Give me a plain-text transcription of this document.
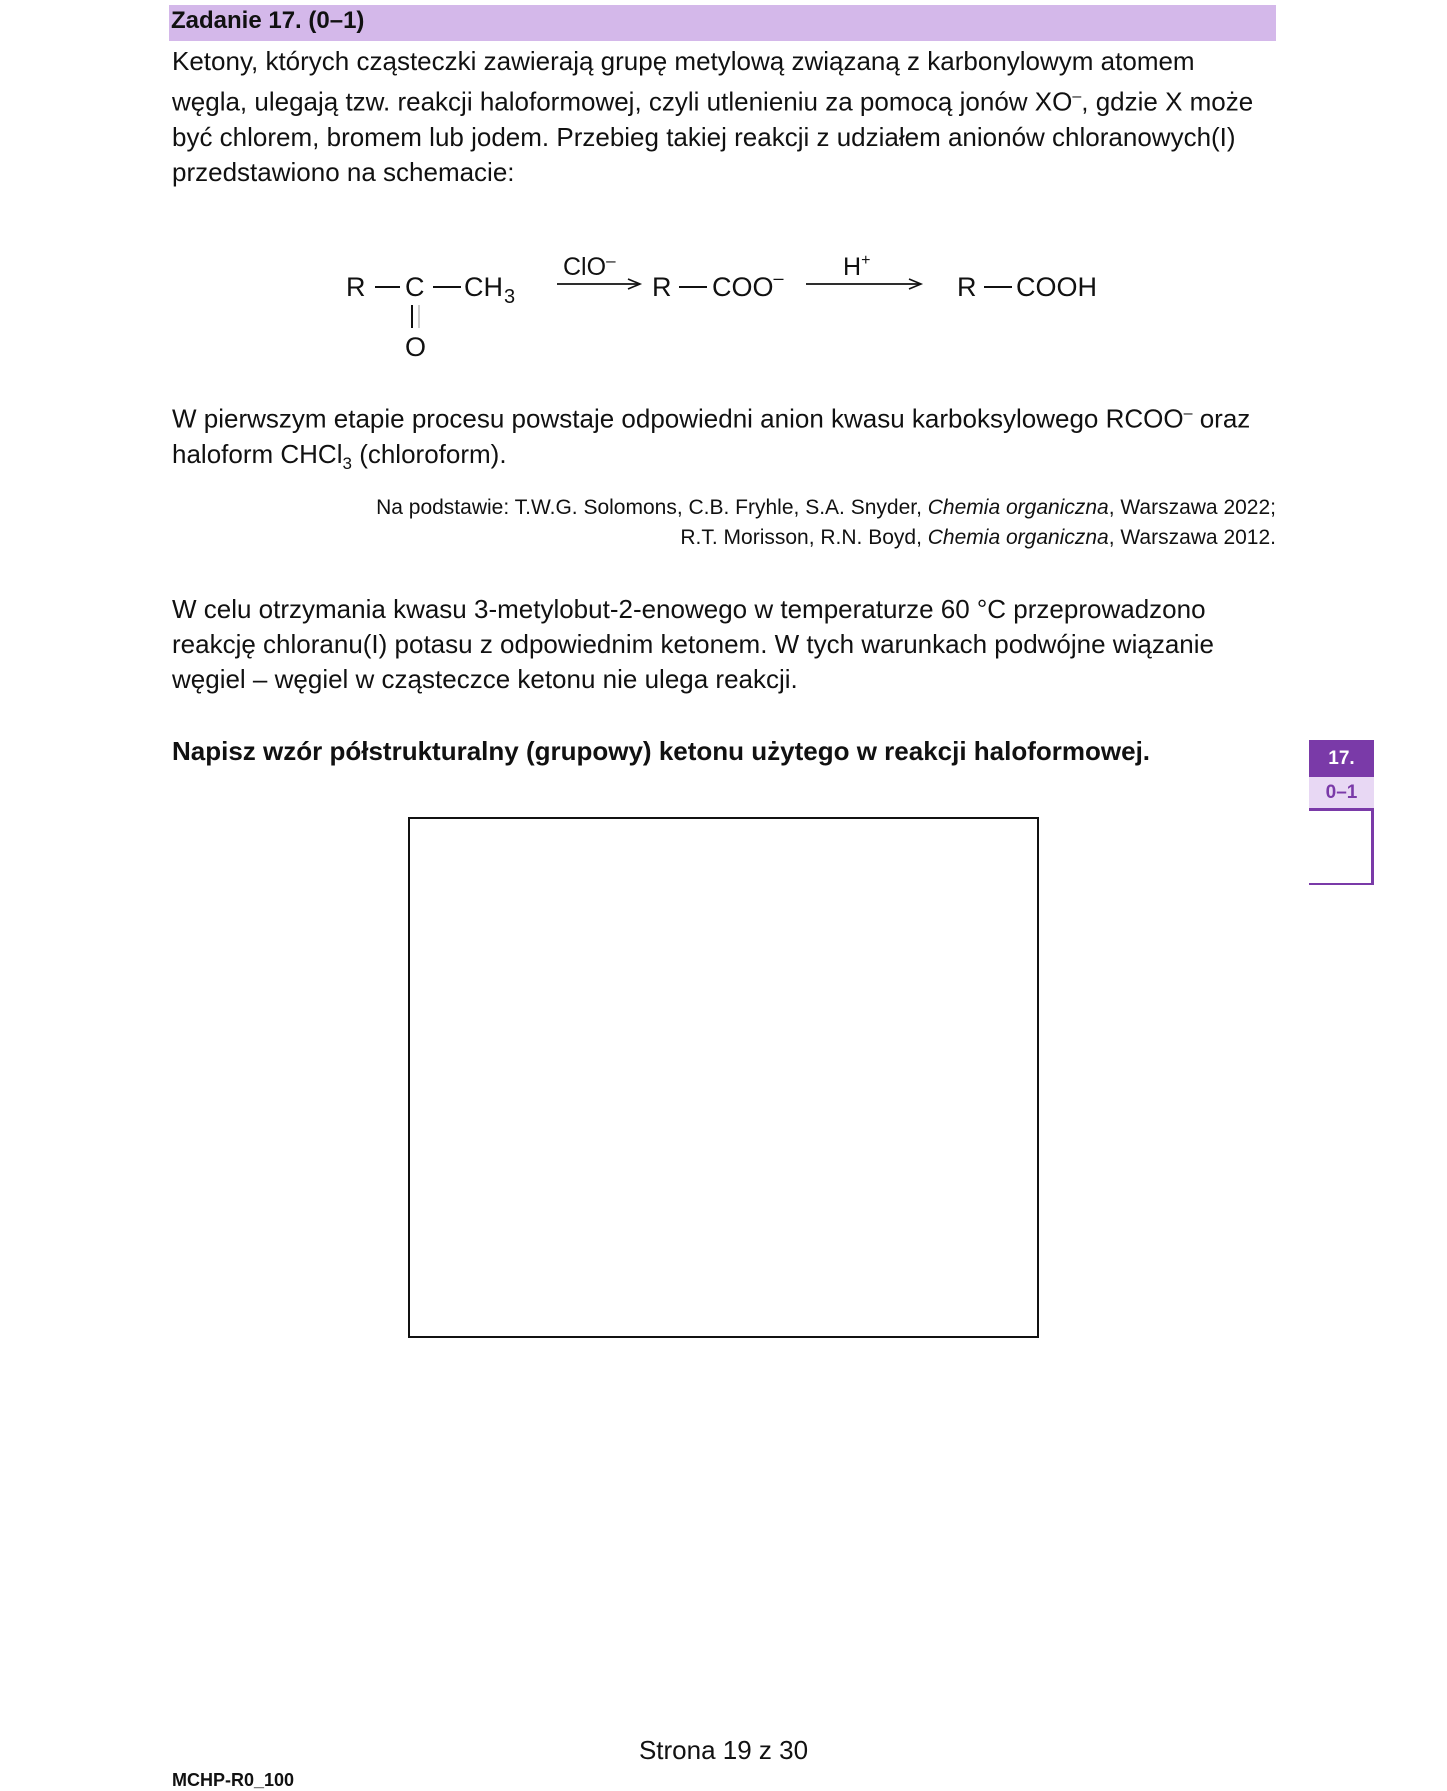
Zadanie 17. (0–1)

Ketony, których cząsteczki zawierają grupę metylową związaną z karbonylowym atomem węgla, ulegają tzw. reakcji haloformowej, czyli utlenieniu za pomocą jonów XO–, gdzie X może być chlorem, bromem lub jodem. Przebieg takiej reakcji z udziałem anionów chloranowych(I) przedstawiono na schemacie:

R C CH 3
O
ClO–
R COO– H+
R COOH

W pierwszym etapie procesu powstaje odpowiedni anion kwasu karboksylowego RCOO– oraz haloform CHCl$_3$ (chloroform).

Na podstawie: T.W.G. Solomons, C.B. Fryhle, S.A. Snyder, Chemia organiczna, Warszawa 2022;
R.T. Morisson, R.N. Boyd, Chemia organiczna, Warszawa 2012.

W celu otrzymania kwasu 3-metylobut-2-enowego w temperaturze 60 °C przeprowadzono reakcję chloranu(I) potasu z odpowiednim ketonem. W tych warunkach podwójne wiązanie węgiel – węgiel w cząsteczce ketonu nie ulega reakcji.

Napisz wzór półstrukturalny (grupowy) ketonu użytego w reakcji haloformowej.	17.
0–1
Strona 19 z 30
MCHP-R0_100
